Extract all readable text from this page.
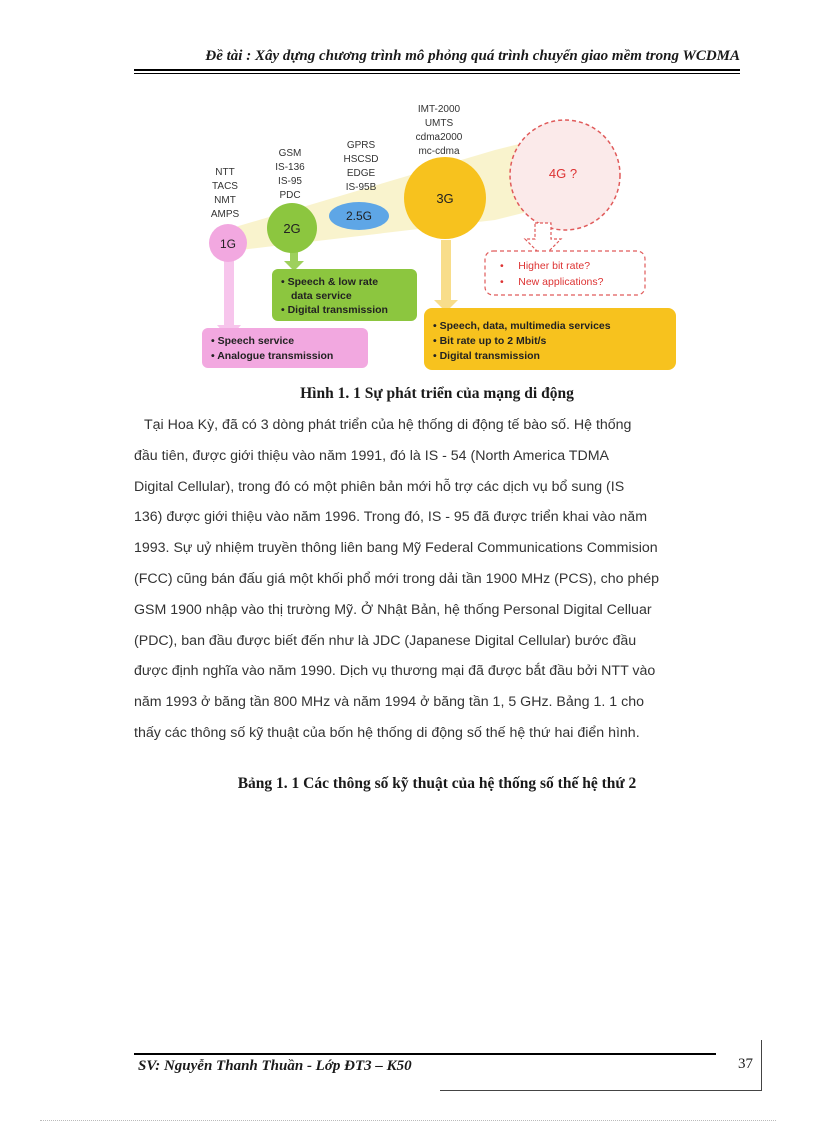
Đề tài : Xây dựng chương trình mô phỏng quá trình chuyển giao mềm trong WCDMA
4G ?
•     Higher bit rate?
•     New applications?
1G
NTT
TACS
NMT
AMPS
2G
GSM
IS-136
IS-95
PDC
2.5G
GPRS
HSCSD
EDGE
IS-95B
3G
IMT-2000
UMTS
cdma2000
mc-cdma
• Speech & low rate
data service
• Digital transmission
• Speech service
• Analogue transmission
• Speech, data, multimedia services
• Bit rate up to 2 Mbit/s
• Digital transmission
Hình 1. 1 Sự phát triển của mạng di động
Tại Hoa Kỳ, đã có 3 dòng phát triển của hệ thống di động tế bào số. Hệ thống
đầu tiên, được giới thiệu vào năm 1991, đó là IS - 54 (North America TDMA
Digital Cellular), trong đó có một phiên bản mới hỗ trợ các dịch vụ bổ sung (IS
136) được giới thiệu vào năm 1996. Trong đó, IS - 95 đã được triển khai vào năm
1993. Sự uỷ nhiệm truyền thông liên bang Mỹ Federal Communications Commision
(FCC) cũng bán đấu giá một khối phổ mới trong dải tần 1900 MHz (PCS), cho phép
GSM 1900 nhập vào thị trường Mỹ. Ở Nhật Bản, hệ thống Personal Digital Celluar
(PDC), ban đầu được biết đến như là JDC (Japanese Digital Cellular) bước đầu
được định nghĩa vào năm 1990. Dịch vụ thương mại đã được bắt đầu bởi NTT vào
năm 1993 ở băng tần 800 MHz và năm 1994 ở băng tần 1, 5 GHz. Bảng 1. 1 cho
thấy các thông số kỹ thuật của bốn hệ thống di động số thế hệ thứ hai điển hình.
Bảng 1. 1 Các thông số kỹ thuật của hệ thống số thế hệ thứ 2
SV: Nguyễn Thanh Thuần - Lớp ĐT3 – K50	37
